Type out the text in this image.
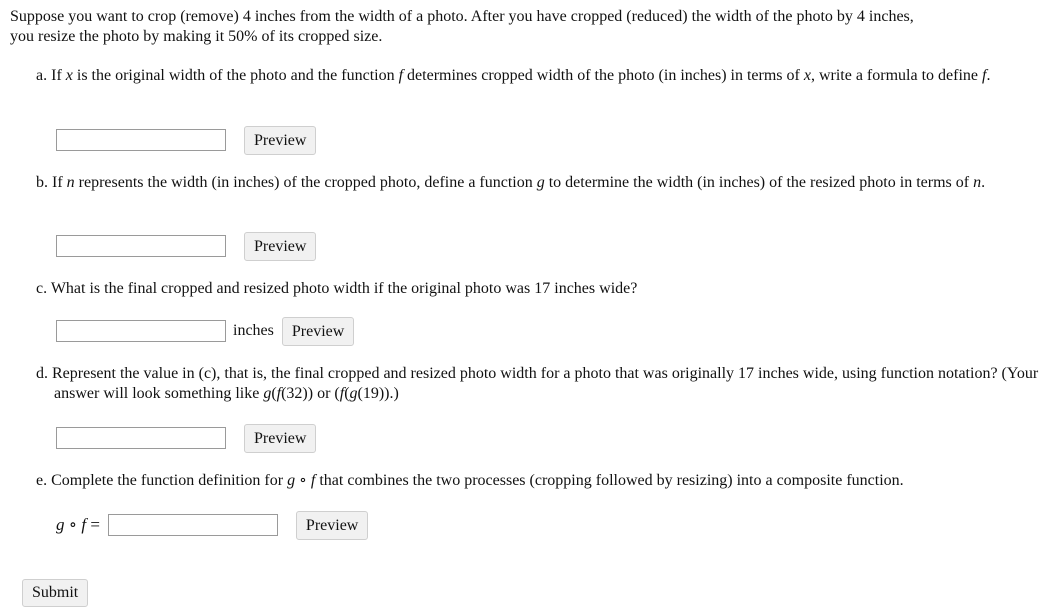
Suppose you want to crop (remove) 4 inches from the width of a photo. After you have cropped (reduced) the width of the photo by 4 inches,
you resize the photo by making it 50% of its cropped size.
a. If x is the original width of the photo and the function f determines cropped width of the photo (in inches) in terms of x, write a formula to define f.
Preview
b. If n represents the width (in inches) of the cropped photo, define a function g to determine the width (in inches) of the resized photo in terms of n.
Preview
c. What is the final cropped and resized photo width if the original photo was 17 inches wide?
inches	Preview
d. Represent the value in (c), that is, the final cropped and resized photo width for a photo that was originally 17 inches wide, using function notation? (Your answer will look something like g(f(32)) or (f(g(19)).)
Preview
e. Complete the function definition for g ∘ f that combines the two processes (cropping followed by resizing) into a composite function.
g ∘ f =	Preview
Submit
